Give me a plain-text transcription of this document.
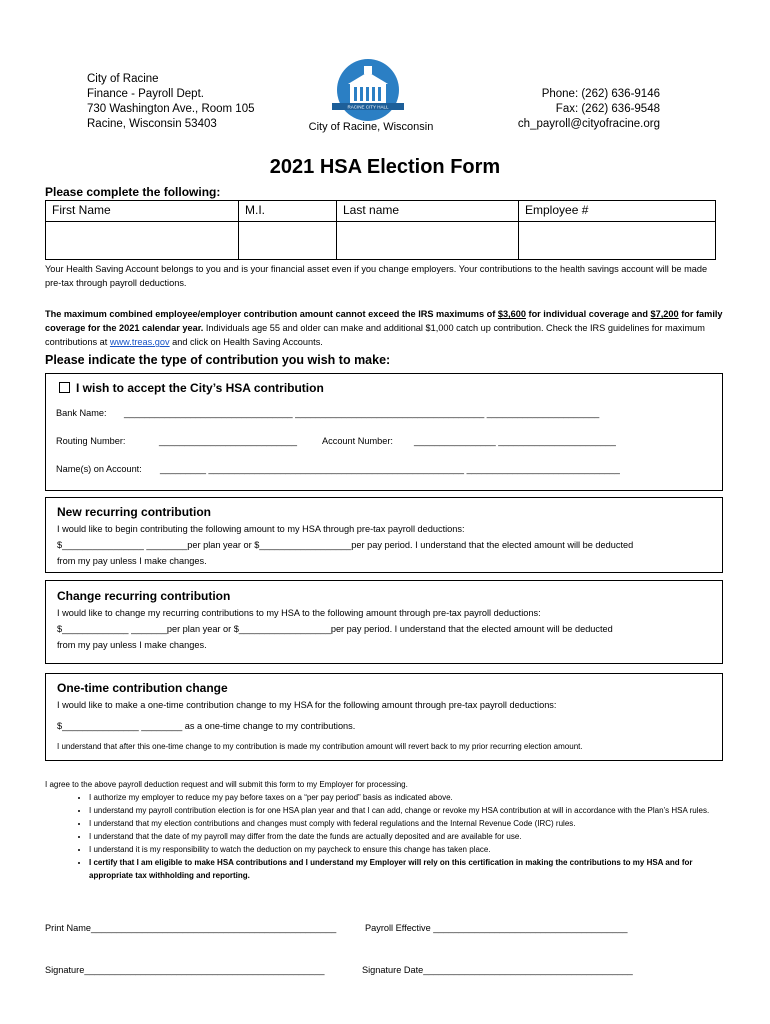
City of Racine
Finance - Payroll Dept.
730 Washington Ave., Room 105
Racine, Wisconsin 53403
RACINE CITY HALL
City of Racine, Wisconsin
Phone: (262) 636-9146
Fax: (262) 636-9548
ch_payroll@cityofracine.org
2021 HSA Election Form
Please complete the following:
First Name	M.I.	Last name	Employee #

Your Health Saving Account belongs to you and is your financial asset even if you change employers. Your contributions to the health savings account will be made pre-tax through payroll deductions.
The maximum combined employee/employer contribution amount cannot exceed the IRS maximums of $3,600 for individual coverage and $7,200 for family coverage for the 2021 calendar year. Individuals age 55 and older can make and additional $1,000 catch up contribution. Check the IRS guidelines for maximum contributions at www.treas.gov and click on Health Saving Accounts.
Please indicate the type of contribution you wish to make:
I wish to accept the City’s HSA contribution
Bank Name: _________________________________ _____________________________________ ______________________
Routing Number:	___________________________	Account Number: ________________ _______________________
Name(s) on Account: _________ __________________________________________________ ______________________________
New recurring contribution
I would like to begin contributing the following amount to my HSA through pre-tax payroll deductions:
$________________ ________per plan year or $__________________per pay period. I understand that the elected amount will be deducted
from my pay unless I make changes.
Change recurring contribution
I would like to change my recurring contributions to my HSA to the following amount through pre-tax payroll deductions:
$_____________ _______per plan year or $__________________per pay period. I understand that the elected amount will be deducted
from my pay unless I make changes.
One-time contribution change
I would like to make a one-time contribution change to my HSA for the following amount through pre-tax payroll deductions:
$_______________ ________ as a one-time change to my contributions.
I understand that after this one-time change to my contribution is made my contribution amount will revert back to my prior recurring election amount.
I agree to the above payroll deduction request and will submit this form to my Employer for processing.
• I authorize my employer to reduce my pay before taxes on a “per pay period” basis as indicated above.
• I understand my payroll contribution election is for one HSA plan year and that I can add, change or revoke my HSA contribution at will in accordance with the Plan’s HSA rules.
• I understand that my election contributions and changes must comply with federal regulations and the Internal Revenue Code (IRC) rules.
• I understand that the date of my payroll may differ from the date the funds are actually deposited and are available for use.
• I understand it is my responsibility to watch the deduction on my paycheck to ensure this change has taken place.
• I certify that I am eligible to make HSA contributions and I understand my Employer will rely on this certification in making the contributions to my HSA and for appropriate tax withholding and reporting.
Print Name________________________________________________	Payroll Effective ______________________________________
Signature_______________________________________________	Signature Date_________________________________________
